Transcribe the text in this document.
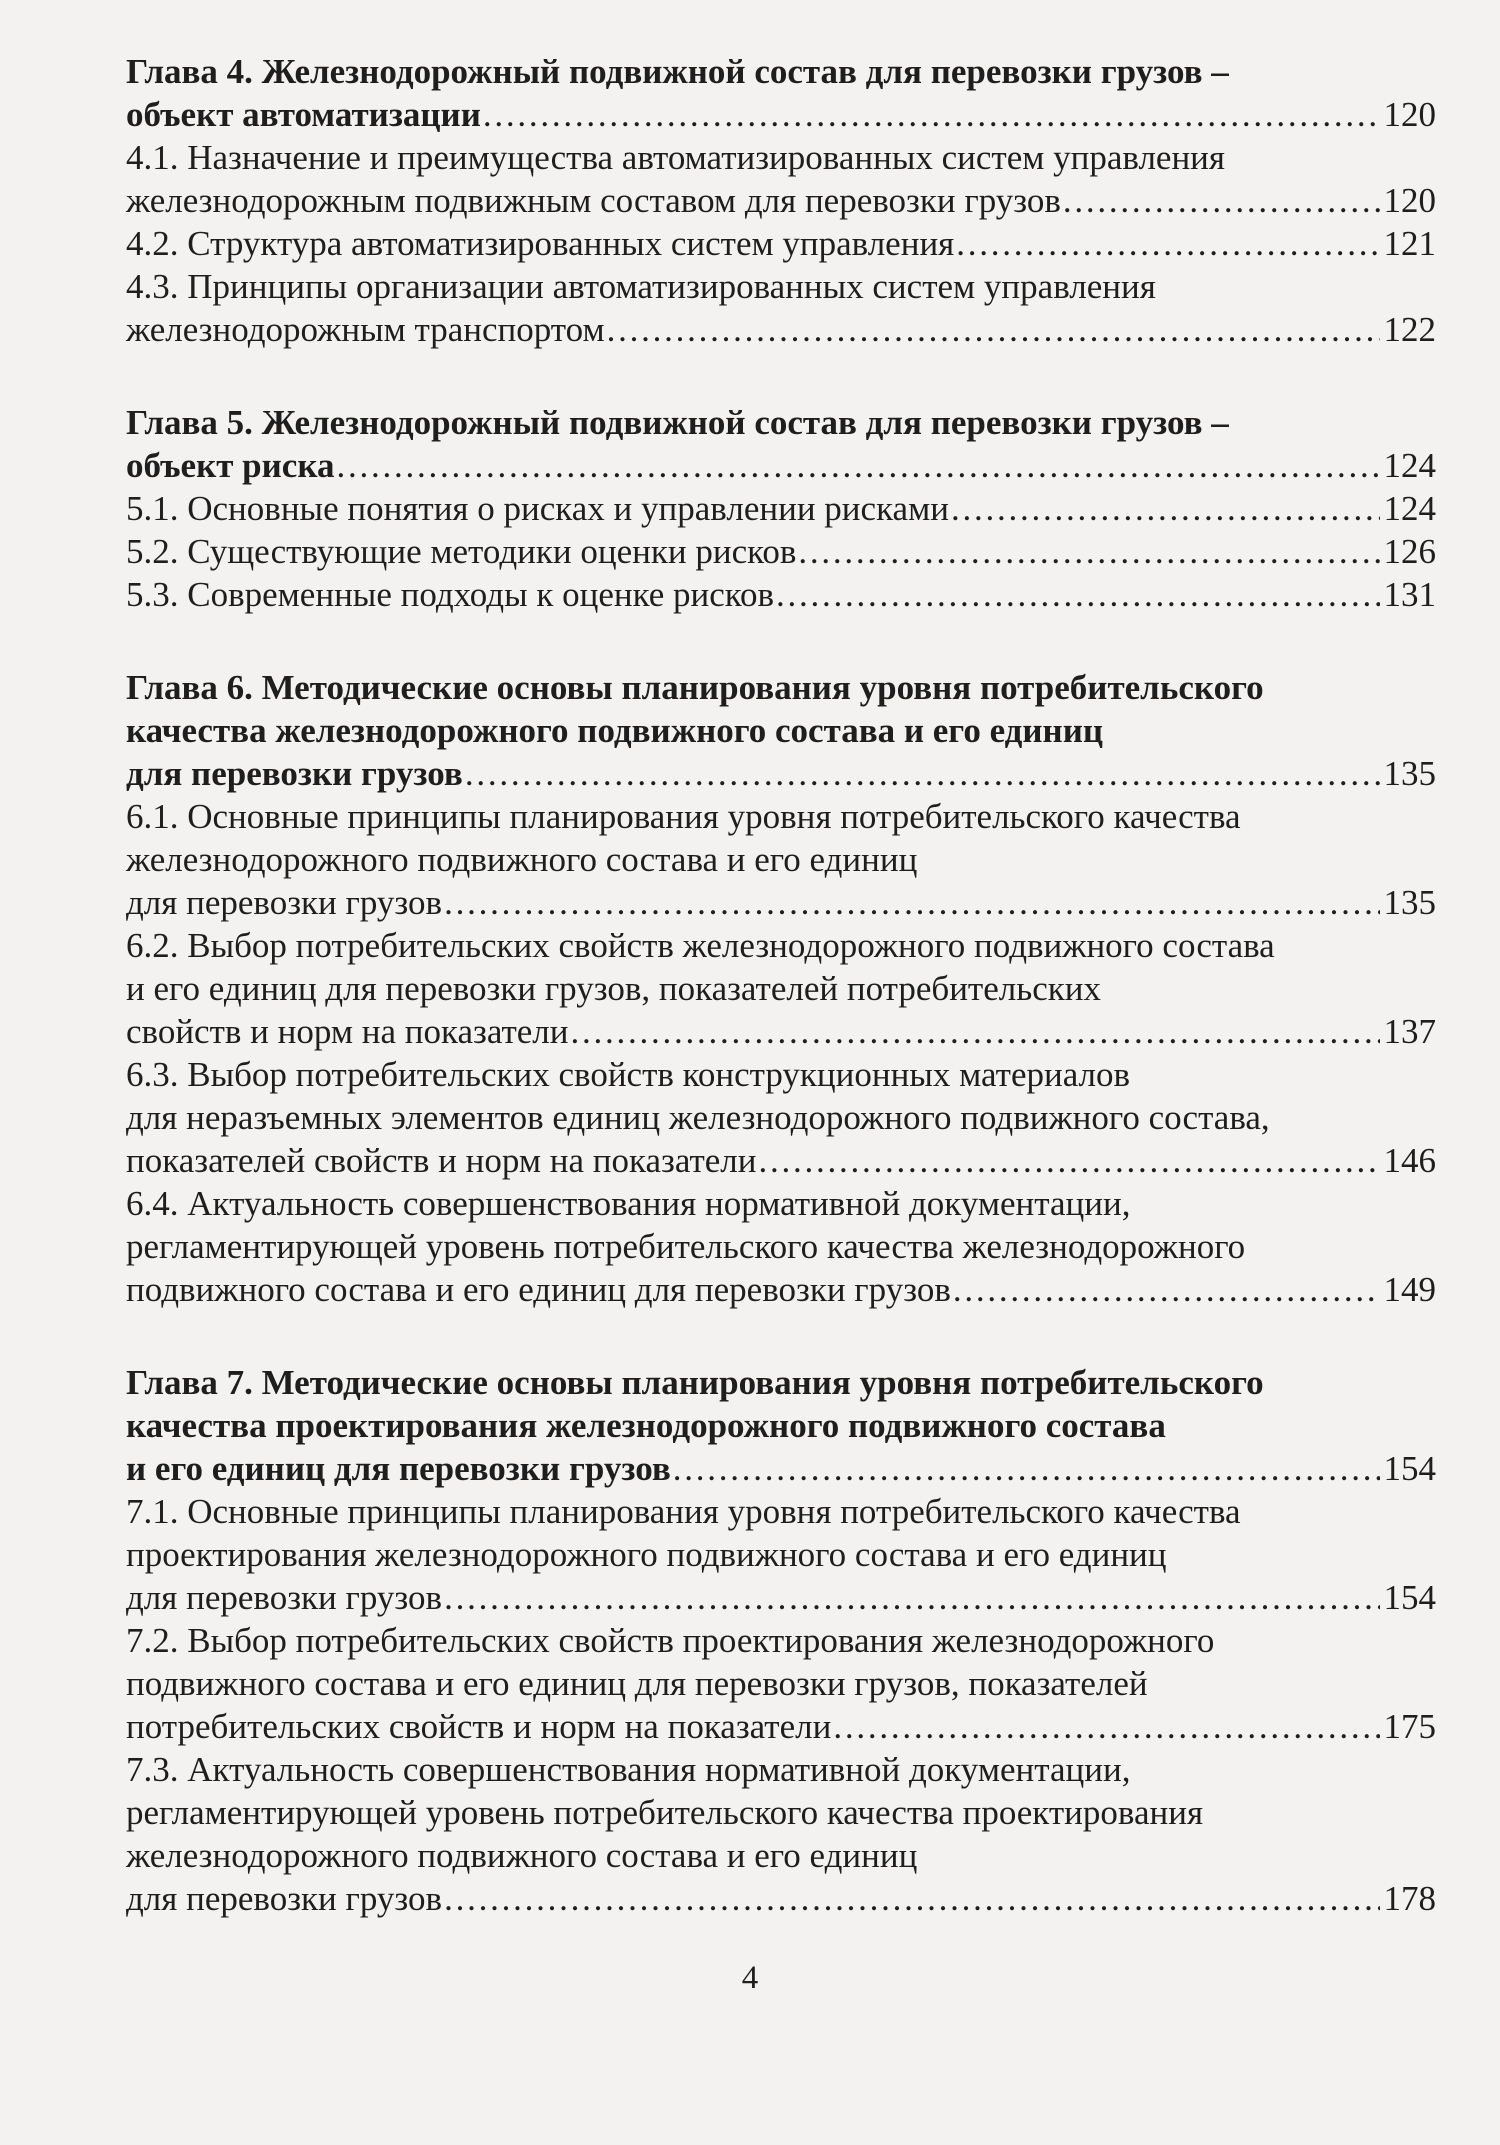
Глава 4. Железнодорожный подвижной состав для перевозки грузов –
объект автоматизации . . .	120
4.1. Назначение и преимущества автоматизированных систем управления
железнодорожным подвижным составом для перевозки грузов . . .	120
4.2. Структура автоматизированных систем управления . . .	121
4.3. Принципы организации автоматизированных систем управления
железнодорожным транспортом . . .	122
Глава 5. Железнодорожный подвижной состав для перевозки грузов –
объект риска . . .	124
5.1. Основные понятия о рисках и управлении рисками . . .	124
5.2. Существующие методики оценки рисков . . .	126
5.3. Современные подходы к оценке рисков . . .	131
Глава 6. Методические основы планирования уровня потребительского
качества железнодорожного подвижного состава и его единиц
для перевозки грузов . . .	135
6.1. Основные принципы планирования уровня потребительского качества
железнодорожного подвижного состава и его единиц
для перевозки грузов . . .	135
6.2. Выбор потребительских свойств железнодорожного подвижного состава
и его единиц для перевозки грузов, показателей потребительских
свойств и норм на показатели . . .	137
6.3. Выбор потребительских свойств конструкционных материалов
для неразъемных элементов единиц железнодорожного подвижного состава,
показателей свойств и норм на показатели . . .	146
6.4. Актуальность совершенствования нормативной документации,
регламентирующей уровень потребительского качества железнодорожного
подвижного состава и его единиц для перевозки грузов . . .	149
Глава 7. Методические основы планирования уровня потребительского
качества проектирования железнодорожного подвижного состава
и его единиц для перевозки грузов . . .	154
7.1. Основные принципы планирования уровня потребительского качества
проектирования железнодорожного подвижного состава и его единиц
для перевозки грузов . . .	154
7.2. Выбор потребительских свойств проектирования железнодорожного
подвижного состава и его единиц для перевозки грузов, показателей
потребительских свойств и норм на показатели . . .	175
7.3. Актуальность совершенствования нормативной документации,
регламентирующей уровень потребительского качества проектирования
железнодорожного подвижного состава и его единиц
для перевозки грузов . . .	178
4
